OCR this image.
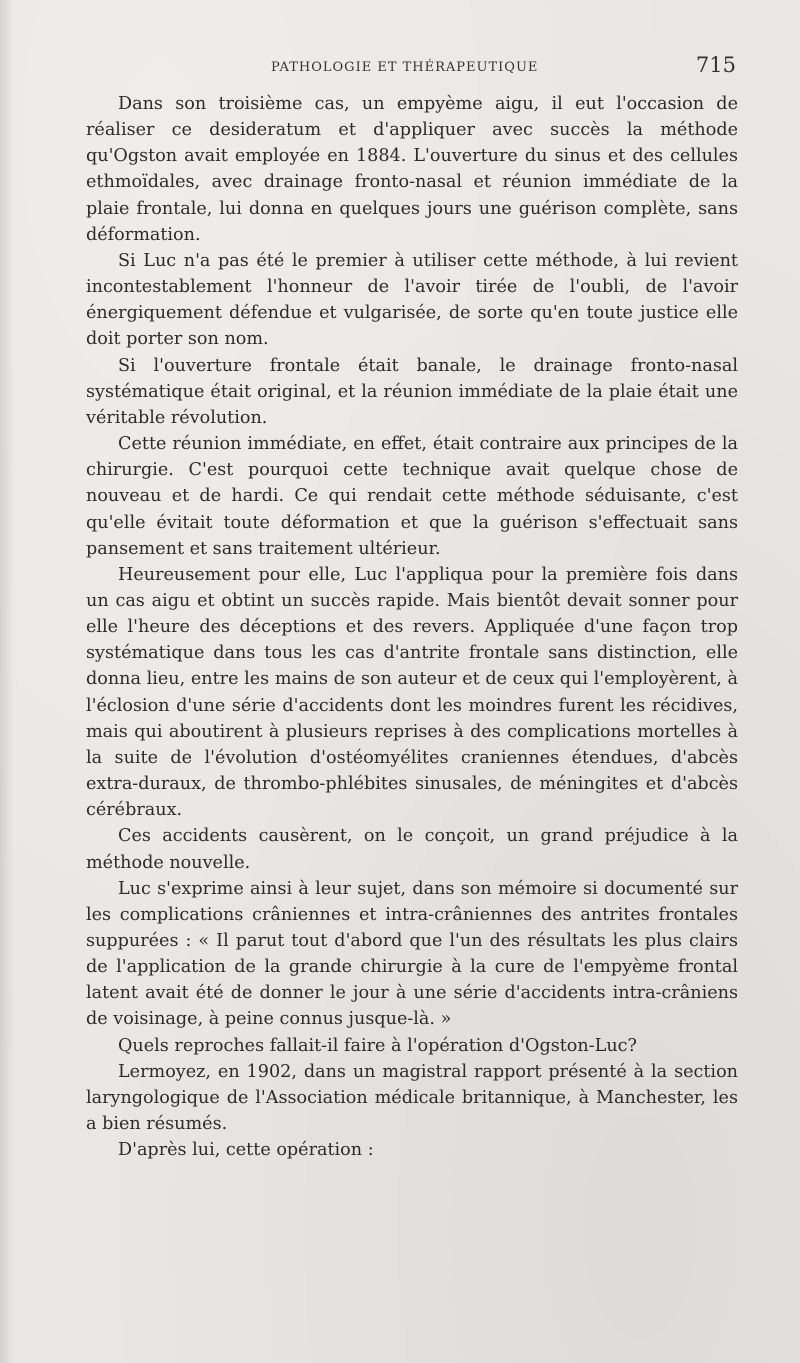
PATHOLOGIE ET THÉRAPEUTIQUE	715

Dans son troisième cas, un empyème aigu, il eut l'occasion de réaliser ce desideratum et d'appliquer avec succès la méthode qu'Ogston avait employée en 1884. L'ouverture du sinus et des cellules ethmoïdales, avec drainage fronto-nasal et réunion immédiate de la plaie frontale, lui donna en quelques jours une guérison complète, sans déformation.

Si Luc n'a pas été le premier à utiliser cette méthode, à lui revient incontestablement l'honneur de l'avoir tirée de l'oubli, de l'avoir énergiquement défendue et vulgarisée, de sorte qu'en toute justice elle doit porter son nom.

Si l'ouverture frontale était banale, le drainage fronto-nasal systématique était original, et la réunion immédiate de la plaie était une véritable révolution.

Cette réunion immédiate, en effet, était contraire aux principes de la chirurgie. C'est pourquoi cette technique avait quelque chose de nouveau et de hardi. Ce qui rendait cette méthode séduisante, c'est qu'elle évitait toute déformation et que la guérison s'effectuait sans pansement et sans traitement ultérieur.

Heureusement pour elle, Luc l'appliqua pour la première fois dans un cas aigu et obtint un succès rapide. Mais bientôt devait sonner pour elle l'heure des déceptions et des revers. Appliquée d'une façon trop systématique dans tous les cas d'antrite frontale sans distinction, elle donna lieu, entre les mains de son auteur et de ceux qui l'employèrent, à l'éclosion d'une série d'accidents dont les moindres furent les récidives, mais qui aboutirent à plusieurs reprises à des complications mortelles à la suite de l'évolution d'ostéomyélites craniennes étendues, d'abcès extra-duraux, de thrombo-phlébites sinusales, de méningites et d'abcès cérébraux.

Ces accidents causèrent, on le conçoit, un grand préjudice à la méthode nouvelle.

Luc s'exprime ainsi à leur sujet, dans son mémoire si documenté sur les complications crâniennes et intra-crâniennes des antrites frontales suppurées : « Il parut tout d'abord que l'un des résultats les plus clairs de l'application de la grande chirurgie à la cure de l'empyème frontal latent avait été de donner le jour à une série d'accidents intra-crâniens de voisinage, à peine connus jusque-là. »

Quels reproches fallait-il faire à l'opération d'Ogston-Luc?

Lermoyez, en 1902, dans un magistral rapport présenté à la section laryngologique de l'Association médicale britannique, à Manchester, les a bien résumés.

D'après lui, cette opération :
